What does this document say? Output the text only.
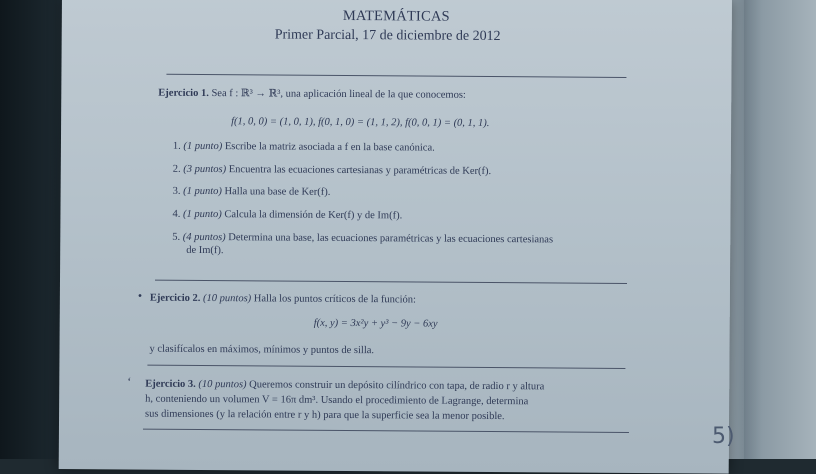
MATEMÁTICAS
Primer Parcial, 17 de diciembre de 2012
Ejercicio 1. Sea f : ℝ³ → ℝ³, una aplicación lineal de la que conocemos:
f(1, 0, 0) = (1, 0, 1), f(0, 1, 0) = (1, 1, 2), f(0, 0, 1) = (0, 1, 1).
1. (1 punto) Escribe la matriz asociada a f en la base canónica.
2. (3 puntos) Encuentra las ecuaciones cartesianas y paramétricas de Ker(f).
3. (1 punto) Halla una base de Ker(f).
4. (1 punto) Calcula la dimensión de Ker(f) y de Im(f).
5. (4 puntos) Determina una base, las ecuaciones paramétricas y las ecuaciones cartesianas
de Im(f).
• Ejercicio 2. (10 puntos) Halla los puntos críticos de la función:
f(x, y) = 3x²y + y³ − 9y − 6xy
y clasifícalos en máximos, mínimos y puntos de silla.
‘ Ejercicio 3. (10 puntos) Queremos construir un depósito cilíndrico con tapa, de radio r y altura
h, conteniendo un volumen V = 16π dm³. Usando el procedimiento de Lagrange, determina
sus dimensiones (y la relación entre r y h) para que la superficie sea la menor posible.
5)
